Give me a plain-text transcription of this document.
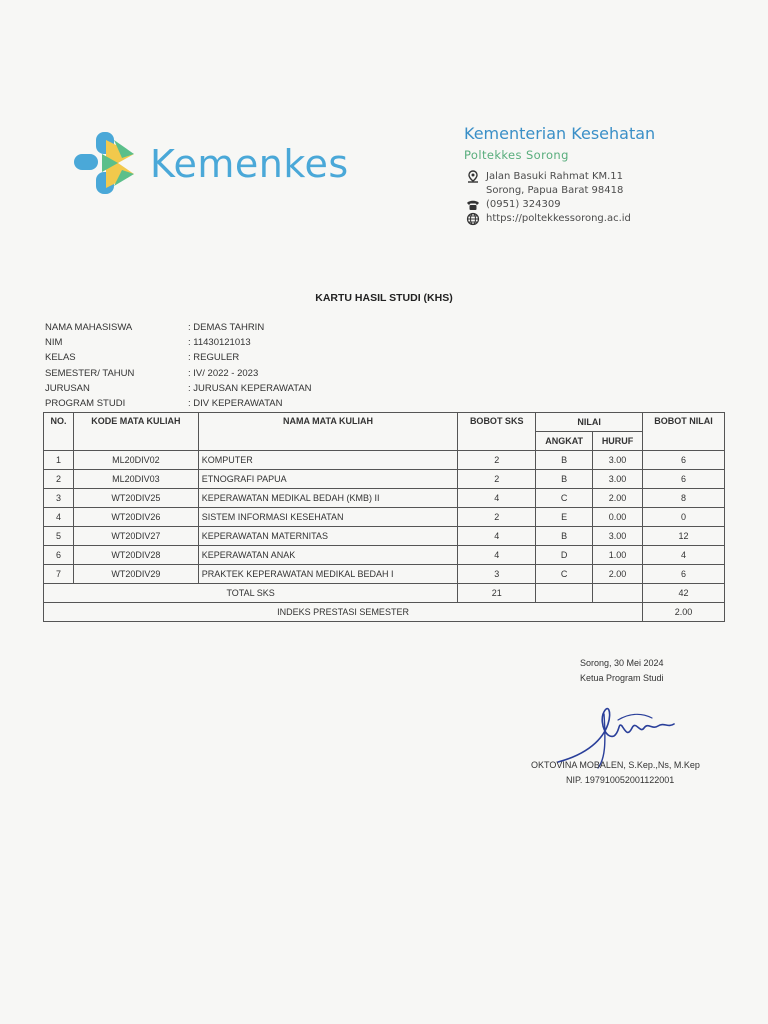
Kemenkes
Kementerian Kesehatan
Poltekkes Sorong
Jalan Basuki Rahmat KM.11
Sorong, Papua Barat 98418
(0951) 324309
https://poltekkessorong.ac.id
KARTU HASIL STUDI (KHS)
NAMA MAHASISWA	: DEMAS TAHRIN
NIM	: 11430121013
KELAS	: REGULER
SEMESTER/ TAHUN	: IV/ 2022 - 2023
JURUSAN	: JURUSAN KEPERAWATAN
PROGRAM STUDI	: DIV KEPERAWATAN
NO.	KODE MATA KULIAH	NAMA MATA KULIAH	BOBOT SKS	NILAI		BOBOT NILAI
				ANGKAT	HURUF	
1	ML20DIV02	KOMPUTER	2	B	3.00	6
2	ML20DIV03	ETNOGRAFI PAPUA	2	B	3.00	6
3	WT20DIV25	KEPERAWATAN MEDIKAL BEDAH (KMB) II	4	C	2.00	8
4	WT20DIV26	SISTEM INFORMASI KESEHATAN	2	E	0.00	0
5	WT20DIV27	KEPERAWATAN MATERNITAS	4	B	3.00	12
6	WT20DIV28	KEPERAWATAN ANAK	4	D	1.00	4
7	WT20DIV29	PRAKTEK KEPERAWATAN MEDIKAL BEDAH I	3	C	2.00	6
TOTAL SKS			21			42
INDEKS PRESTASI SEMESTER						2.00
Sorong, 30 Mei 2024
Ketua Program Studi
OKTOVINA MOBALEN, S.Kep.,Ns, M.Kep
NIP. 197910052001122001
